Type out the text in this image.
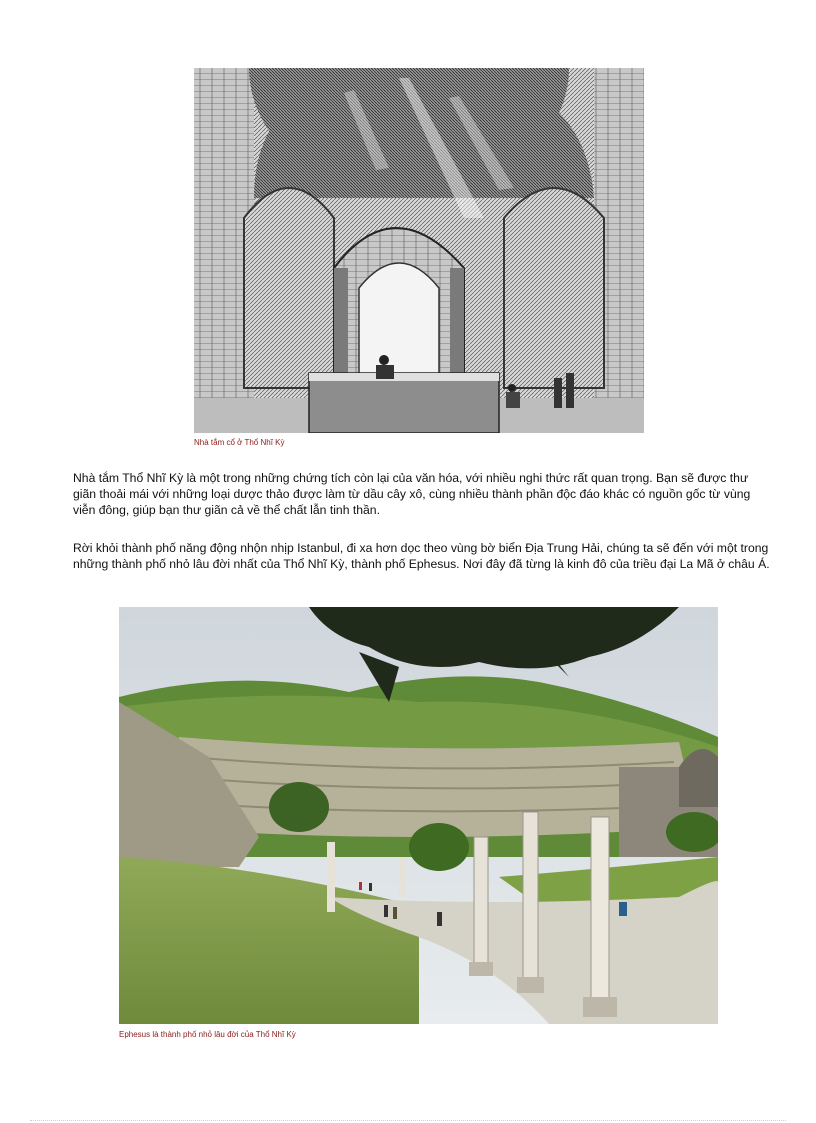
Nhà tắm cổ ở Thổ Nhĩ Kỳ

Nhà tắm Thổ Nhĩ Kỳ là một trong những chứng tích còn lại của văn hóa, với nhiều nghi thức rất quan trọng. Bạn sẽ được thư giãn thoải mái với những loại dược thảo được làm từ dầu cây xô, cùng nhiều thành phần độc đáo khác có nguồn gốc từ vùng viễn đông, giúp bạn thư giãn cả về thể chất lẫn tinh thần.

Rời khỏi thành phố năng động nhộn nhịp Istanbul, đi xa hơn dọc theo vùng bờ biển Địa Trung Hải, chúng ta sẽ đến với một trong những thành phố nhỏ lâu đời nhất của Thổ Nhĩ Kỳ, thành phố Ephesus. Nơi đây đã từng là kinh đô của triều đại La Mã ở châu Á.

Ephesus là thành phố nhỏ lâu đời của Thổ Nhĩ Kỳ
